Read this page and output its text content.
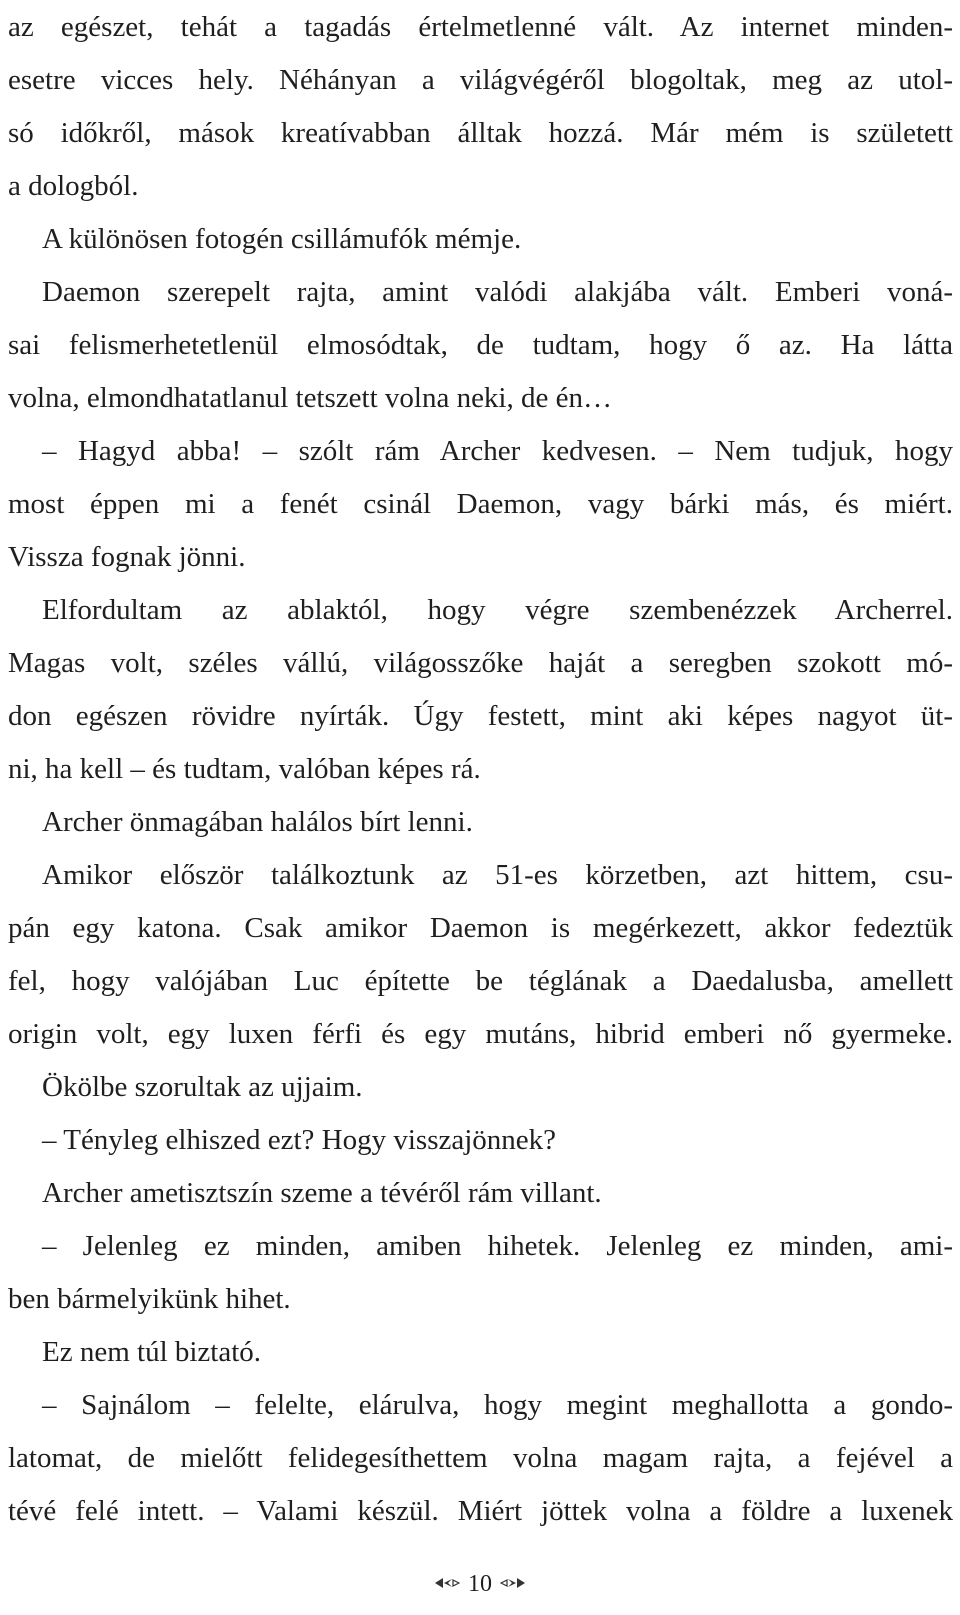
az egészet, tehát a tagadás értelmetlenné vált. Az internet minden-
esetre vicces hely. Néhányan a világvégéről blogoltak, meg az utol-
só időkről, mások kreatívabban álltak hozzá. Már mém is született
a dologból.
A különösen fotogén csillámufók mémje.
Daemon szerepelt rajta, amint valódi alakjába vált. Emberi voná-
sai felismerhetetlenül elmosódtak, de tudtam, hogy ő az. Ha látta
volna, elmondhatatlanul tetszett volna neki, de én…
– Hagyd abba! – szólt rám Archer kedvesen. – Nem tudjuk, hogy
most éppen mi a fenét csinál Daemon, vagy bárki más, és miért.
Vissza fognak jönni.
Elfordultam az ablaktól, hogy végre szembenézzek Archerrel.
Magas volt, széles vállú, világosszőke haját a seregben szokott mó-
don egészen rövidre nyírták. Úgy festett, mint aki képes nagyot üt-
ni, ha kell – és tudtam, valóban képes rá.
Archer önmagában halálos bírt lenni.
Amikor először találkoztunk az 51-es körzetben, azt hittem, csu-
pán egy katona. Csak amikor Daemon is megérkezett, akkor fedeztük
fel, hogy valójában Luc építette be téglának a Daedalusba, amellett
origin volt, egy luxen férfi és egy mutáns, hibrid emberi nő gyermeke.
Ökölbe szorultak az ujjaim.
– Tényleg elhiszed ezt? Hogy visszajönnek?
Archer ametisztszín szeme a tévéről rám villant.
– Jelenleg ez minden, amiben hihetek. Jelenleg ez minden, ami-
ben bármelyikünk hihet.
Ez nem túl biztató.
– Sajnálom – felelte, elárulva, hogy megint meghallotta a gondo-
latomat, de mielőtt felidegesíthettem volna magam rajta, a fejével a
tévé felé intett. – Valami készül. Miért jöttek volna a földre a luxenek
10
